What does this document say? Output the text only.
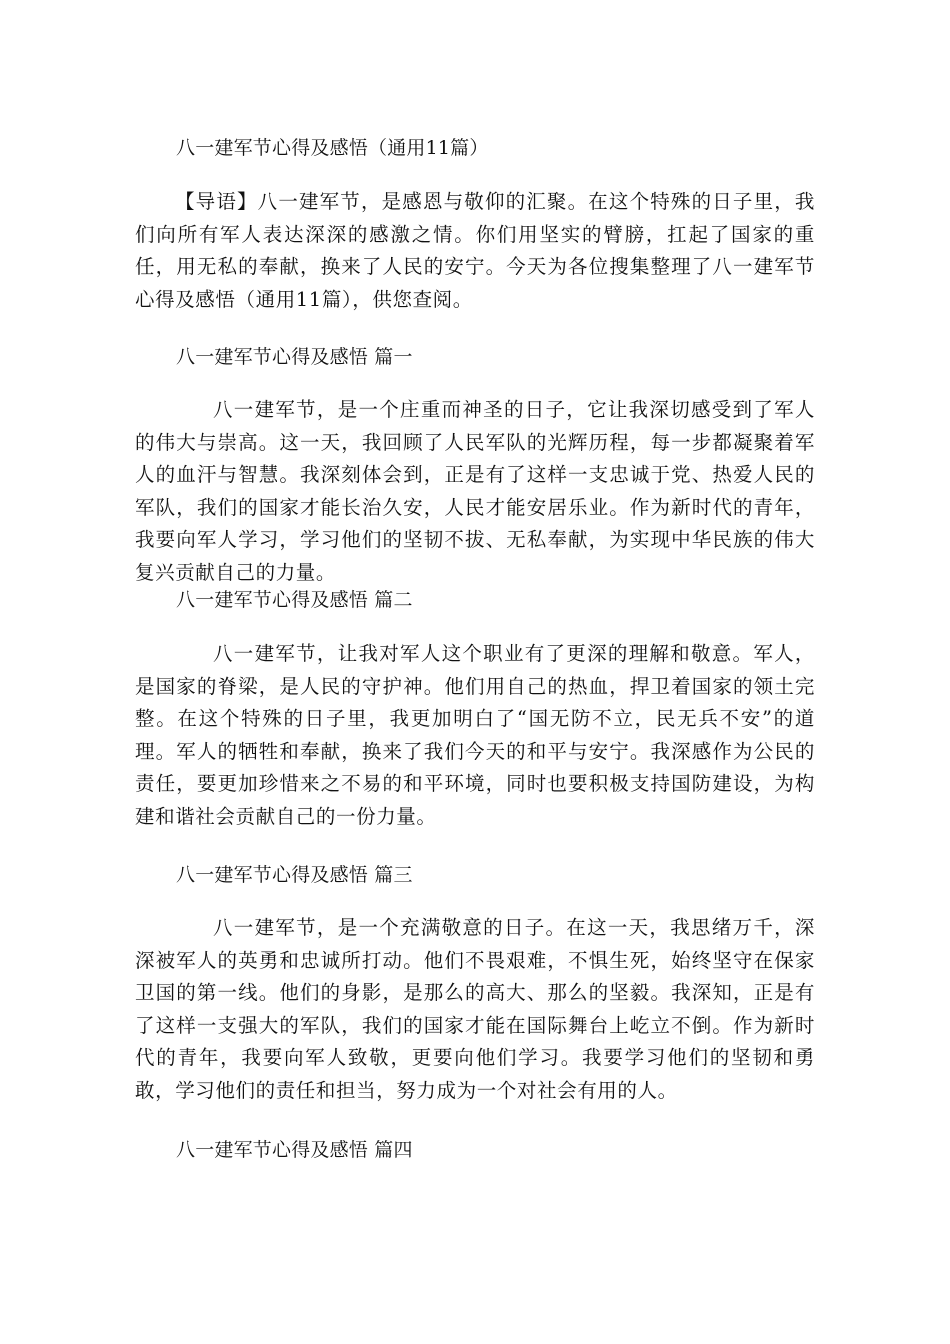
八一建军节心得及感悟（通用11篇）

【导语】八一建军节，是感恩与敬仰的汇聚。在这个特殊的日子里，我们向所有军人表达深深的感激之情。你们用坚实的臂膀，扛起了国家的重任，用无私的奉献，换来了人民的安宁。今天为各位搜集整理了八一建军节心得及感悟（通用11篇），供您查阅。

八一建军节心得及感悟 篇一

八一建军节，是一个庄重而神圣的日子，它让我深切感受到了军人的伟大与崇高。这一天，我回顾了人民军队的光辉历程，每一步都凝聚着军人的血汗与智慧。我深刻体会到，正是有了这样一支忠诚于党、热爱人民的军队，我们的国家才能长治久安，人民才能安居乐业。作为新时代的青年，我要向军人学习，学习他们的坚韧不拔、无私奉献，为实现中华民族的伟大复兴贡献自己的力量。

八一建军节心得及感悟 篇二

八一建军节，让我对军人这个职业有了更深的理解和敬意。军人，是国家的脊梁，是人民的守护神。他们用自己的热血，捍卫着国家的领土完整。在这个特殊的日子里，我更加明白了“国无防不立，民无兵不安”的道理。军人的牺牲和奉献，换来了我们今天的和平与安宁。我深感作为公民的责任，要更加珍惜来之不易的和平环境，同时也要积极支持国防建设，为构建和谐社会贡献自己的一份力量。

八一建军节心得及感悟 篇三

八一建军节，是一个充满敬意的日子。在这一天，我思绪万千，深深被军人的英勇和忠诚所打动。他们不畏艰难，不惧生死，始终坚守在保家卫国的第一线。他们的身影，是那么的高大、那么的坚毅。我深知，正是有了这样一支强大的军队，我们的国家才能在国际舞台上屹立不倒。作为新时代的青年，我要向军人致敬，更要向他们学习。我要学习他们的坚韧和勇敢，学习他们的责任和担当，努力成为一个对社会有用的人。

八一建军节心得及感悟 篇四
